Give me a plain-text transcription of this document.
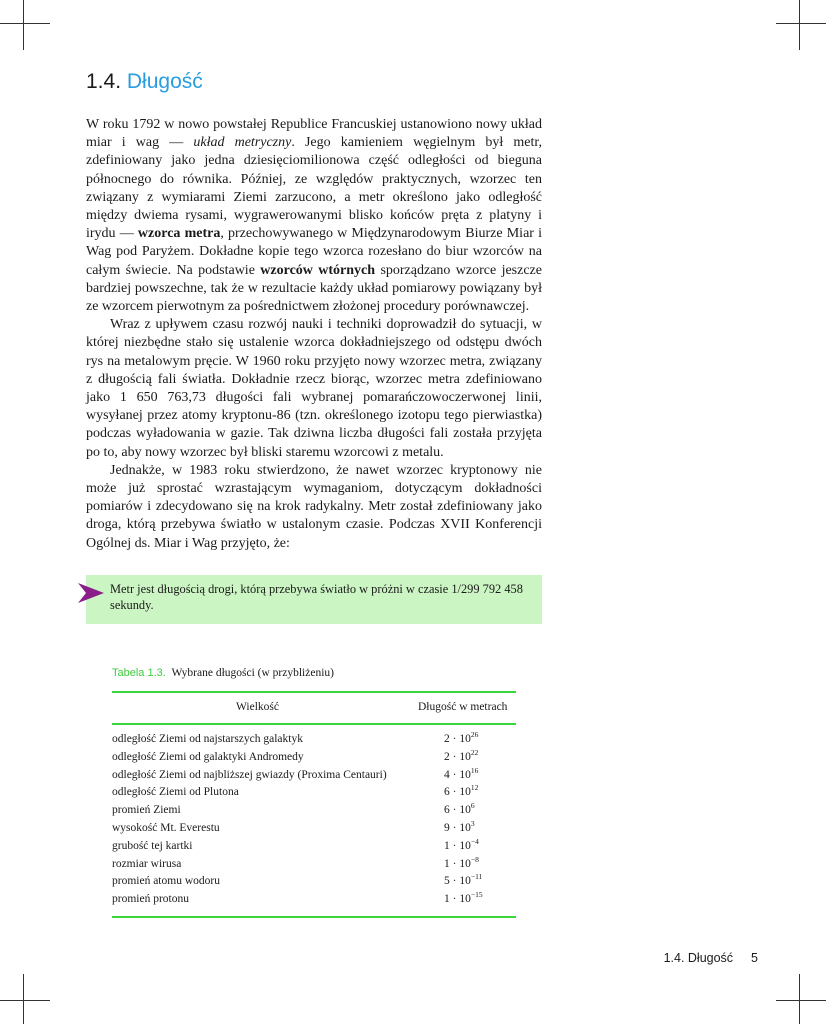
1.4. Długość

W roku 1792 w nowo powstałej Republice Francuskiej ustanowiono nowy układ miar i wag — układ metryczny. Jego kamieniem węgielnym był metr, zdefiniowany jako jedna dziesięciomilionowa część odległości od bieguna północnego do równika. Później, ze względów praktycznych, wzorzec ten związany z wymiarami Ziemi zarzucono, a metr określono jako odległość między dwiema rysami, wygrawerowanymi blisko końców pręta z platyny i irydu — wzorca metra, przechowywanego w Międzynarodowym Biurze Miar i Wag pod Paryżem. Dokładne kopie tego wzorca rozesłano do biur wzorców na całym świecie. Na podstawie wzorców wtórnych sporządzano wzorce jeszcze bardziej powszechne, tak że w rezultacie każdy układ pomiarowy powiązany był ze wzorcem pierwotnym za pośrednictwem złożonej procedury porównawczej.

Wraz z upływem czasu rozwój nauki i techniki doprowadził do sytuacji, w której niezbędne stało się ustalenie wzorca dokładniejszego od odstępu dwóch rys na metalowym pręcie. W 1960 roku przyjęto nowy wzorzec metra, związany z długością fali światła. Dokładnie rzecz biorąc, wzorzec metra zdefiniowano jako 1 650 763,73 długości fali wybranej pomarańczowoczerwonej linii, wysyłanej przez atomy kryptonu-86 (tzn. określonego izotopu tego pierwiastka) podczas wyładowania w gazie. Tak dziwna liczba długości fali została przyjęta po to, aby nowy wzorzec był bliski staremu wzorcowi z metalu.

Jednakże, w 1983 roku stwierdzono, że nawet wzorzec kryptonowy nie może już sprostać wzrastającym wymaganiom, dotyczącym dokładności pomiarów i zdecydowano się na krok radykalny. Metr został zdefiniowany jako droga, którą przebywa światło w ustalonym czasie. Podczas XVII Konferencji Ogólnej ds. Miar i Wag przyjęto, że:

Metr jest długością drogi, którą przebywa światło w próżni w czasie 1/299 792 458 sekundy.
Tabela 1.3. Wybrane długości (w przybliżeniu)
Wielkość	Długość w metrach
odległość Ziemi od najstarszych galaktyk	$2 \cdot 10^{26}$
odległość Ziemi od galaktyki Andromedy	$2 \cdot 10^{22}$
odległość Ziemi od najbliższej gwiazdy (Proxima Centauri)	$4 \cdot 10^{16}$
odległość Ziemi od Plutona	$6 \cdot 10^{12}$
promień Ziemi	$6 \cdot 10^6$
wysokość Mt. Everestu	$9 \cdot 10^3$
grubość tej kartki	$1 \cdot 10^{-4}$
rozmiar wirusa	$1 \cdot 10^{-8}$
promień atomu wodoru	$5 \cdot 10^{-11}$
promień protonu	$1 \cdot 10^{-15}$
1.4. Długość 5
